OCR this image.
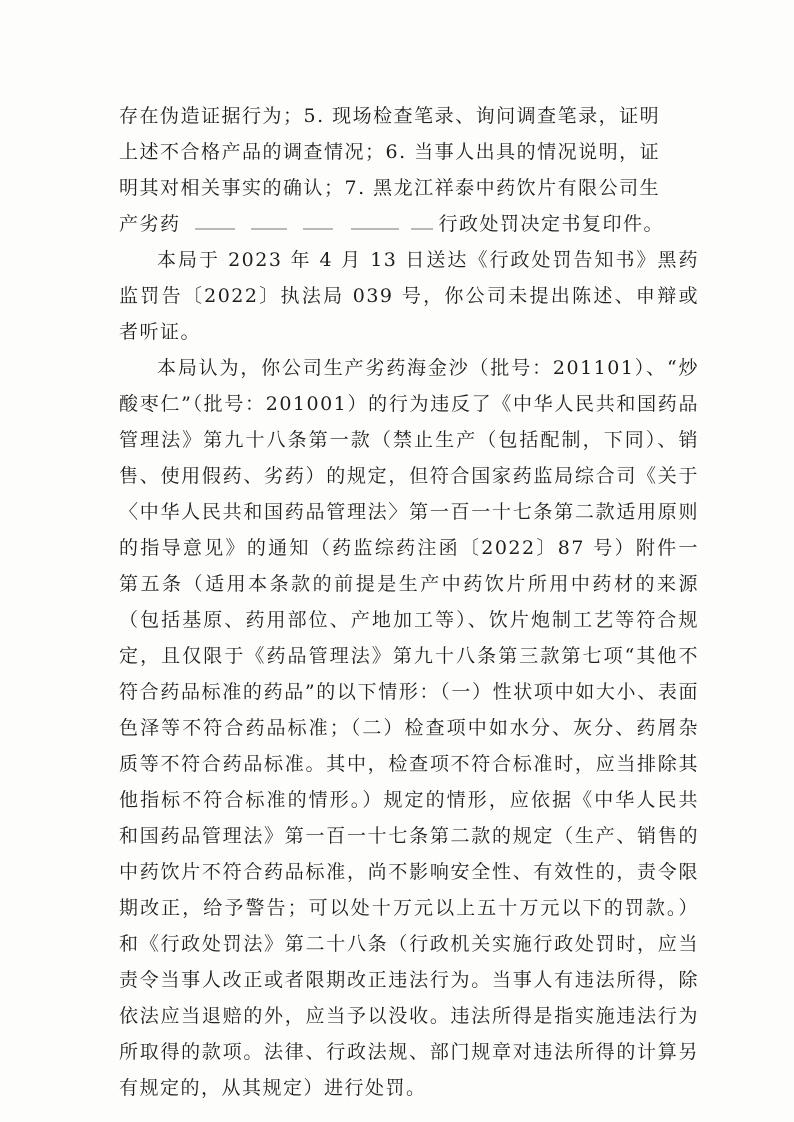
存在伪造证据行为；5. 现场检查笔录、询问调查笔录，证明
上述不合格产品的调查情况；6. 当事人出具的情况说明，证
明其对相关事实的确认；7. 黑龙江祥泰中药饮片有限公司生
产劣药	行政处罚决定书复印件。

本局于 2023 年 4 月 13 日送达《行政处罚告知书》黑药监罚告〔2022〕执法局 039 号，你公司未提出陈述、申辩或者听证。

本局认为，你公司生产劣药海金沙（批号：201101）、“炒酸枣仁”（批号：201001）的行为违反了《中华人民共和国药品管理法》第九十八条第一款（禁止生产（包括配制，下同）、销售、使用假药、劣药）的规定，但符合国家药监局综合司《关于〈中华人民共和国药品管理法〉第一百一十七条第二款适用原则的指导意见》的通知（药监综药注函〔2022〕87 号）附件一第五条（适用本条款的前提是生产中药饮片所用中药材的来源（包括基原、药用部位、产地加工等）、饮片炮制工艺等符合规定，且仅限于《药品管理法》第九十八条第三款第七项“其他不符合药品标准的药品”的以下情形：（一）性状项中如大小、表面色泽等不符合药品标准；（二）检查项中如水分、灰分、药屑杂质等不符合药品标准。其中，检查项不符合标准时，应当排除其他指标不符合标准的情形。）规定的情形，应依据《中华人民共和国药品管理法》第一百一十七条第二款的规定（生产、销售的中药饮片不符合药品标准，尚不影响安全性、有效性的，责令限期改正，给予警告；可以处十万元以上五十万元以下的罚款。）和《行政处罚法》第二十八条（行政机关实施行政处罚时，应当责令当事人改正或者限期改正违法行为。当事人有违法所得，除依法应当退赔的外，应当予以没收。违法所得是指实施违法行为所取得的款项。法律、行政法规、部门规章对违法所得的计算另有规定的，从其规定）进行处罚。
